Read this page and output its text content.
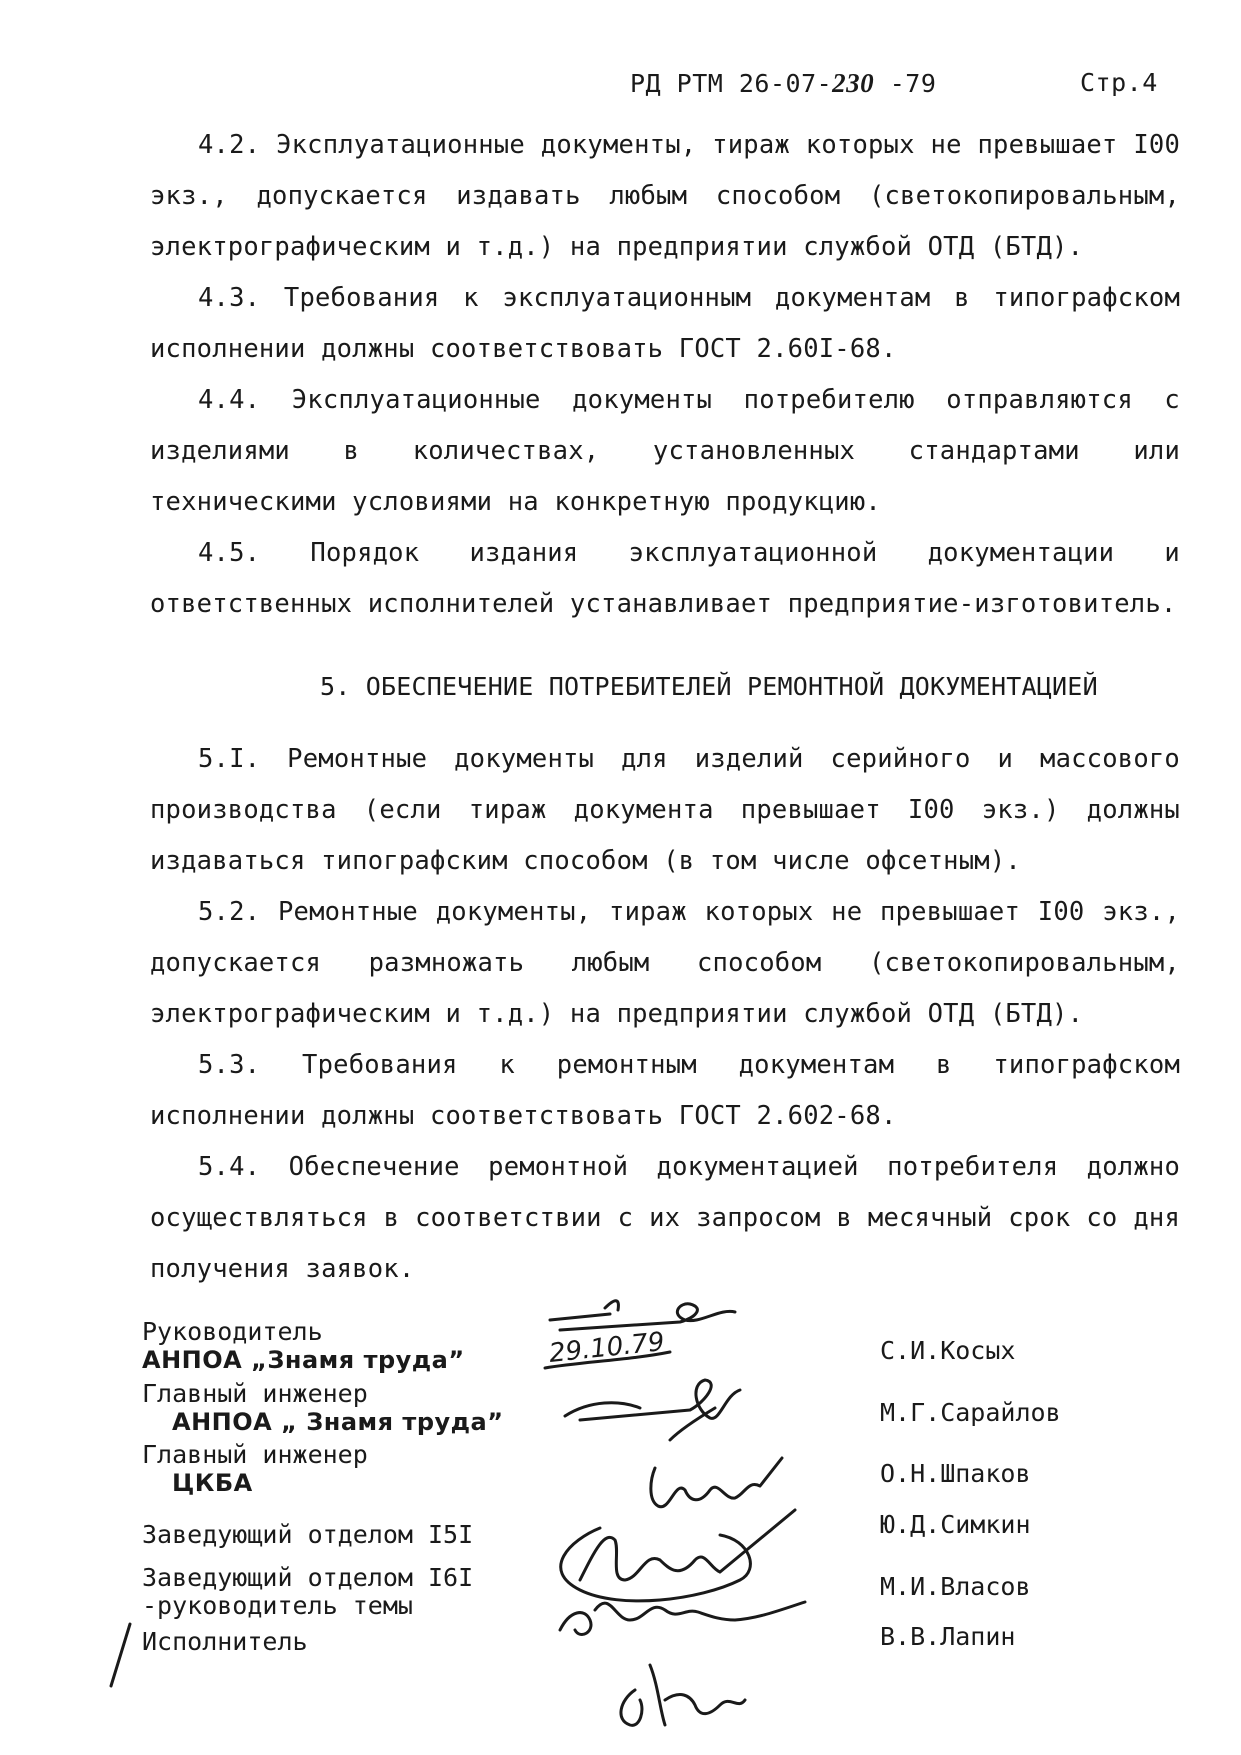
РД РТМ 26-07-230 -79	Стр.4

4.2. Эксплуатационные документы, тираж которых не превышает I00 экз., допускается издавать любым способом (светокопировальным, электрографическим и т.д.) на предприятии службой ОТД (БТД).

4.3. Требования к эксплуатационным документам в типографском исполнении должны соответствовать ГОСТ 2.60I-68.

4.4. Эксплуатационные документы потребителю отправляются с изделиями в количествах, установленных стандартами или техническими условиями на конкретную продукцию.

4.5. Порядок издания эксплуатационной документации и ответственных исполнителей устанавливает предприятие-изготовитель.

5. ОБЕСПЕЧЕНИЕ ПОТРЕБИТЕЛЕЙ РЕМОНТНОЙ ДОКУМЕНТАЦИЕЙ

5.I. Ремонтные документы для изделий серийного и массового производства (если тираж документа превышает I00 экз.) должны издаваться типографским способом (в том числе офсетным).

5.2. Ремонтные документы, тираж которых не превышает I00 экз., допускается размножать любым способом (светокопировальным, электрографическим и т.д.) на предприятии службой ОТД (БТД).

5.3. Требования к ремонтным документам в типографском исполнении должны соответствовать ГОСТ 2.602-68.

5.4. Обеспечение ремонтной документацией потребителя должно осуществляться в соответствии с их запросом в месячный срок со дня получения заявок.

Руководитель
АНПОА „Знамя труда”
Главный инженер
АНПОА „ Знамя труда”
Главный инженер
ЦКБА
Заведующий отделом I5I
Заведующий отделом I6I
-руководитель темы
Исполнитель
С.И.Косых
М.Г.Сарайлов
О.Н.Шпаков
Ю.Д.Симкин
М.И.Власов
В.В.Лапин
29.10.79
